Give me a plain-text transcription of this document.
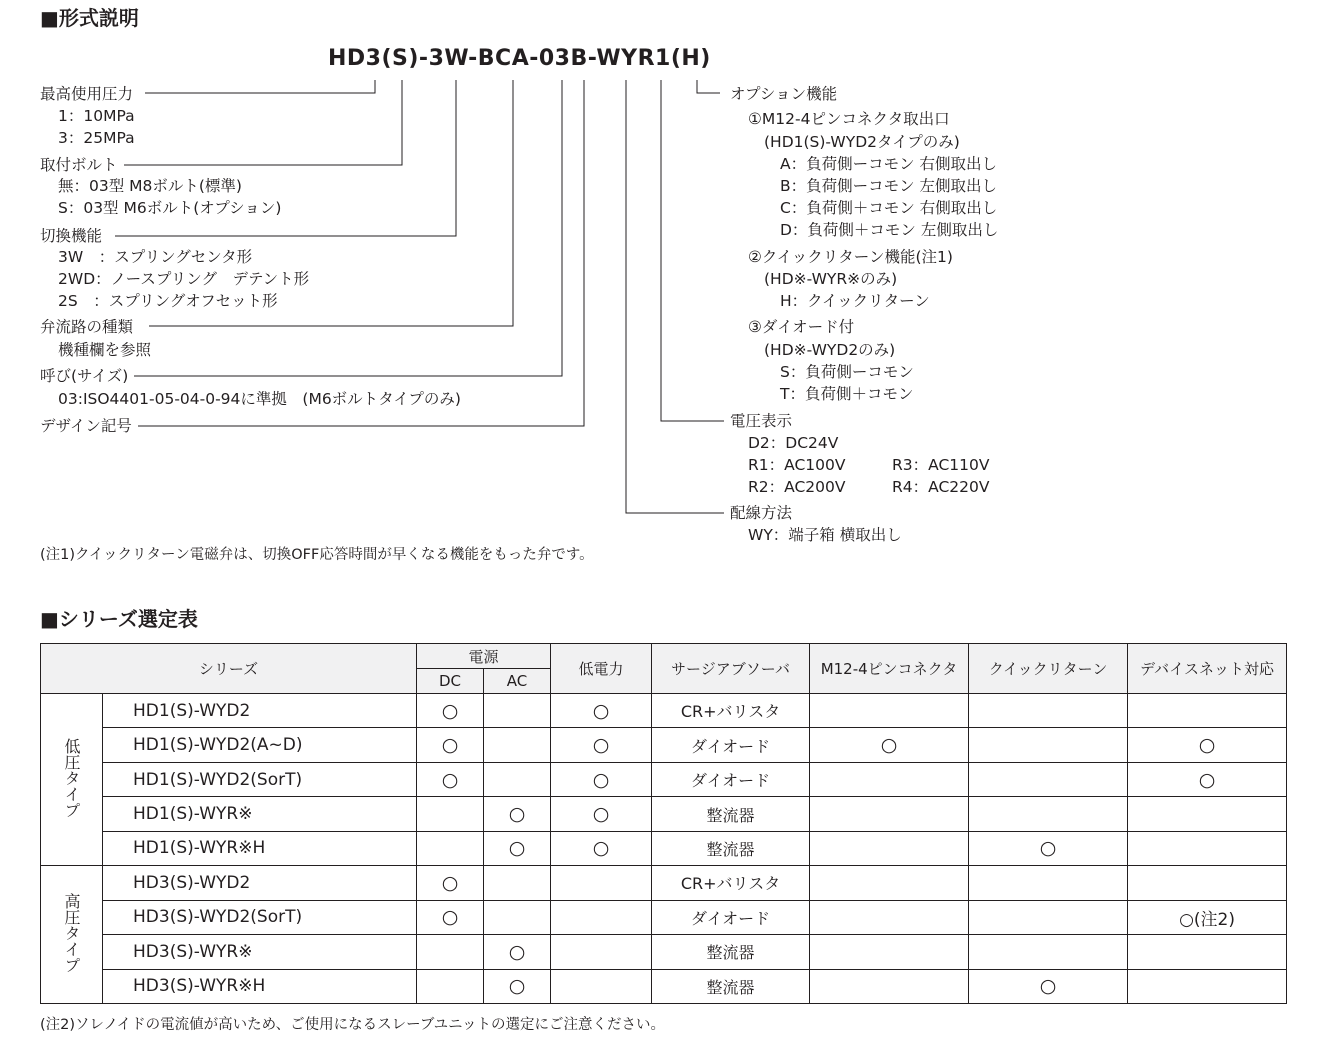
■形式説明
HD3(S)-3W-BCA-03B-WYR1(H)
最高使用圧力
1：10MPa
3：25MPa
取付ボルト
無：03型 M8ボルト(標準)
S：03型 M6ボルト(オプション)
切換機能
3W　：スプリングセンタ形
2WD：ノースプリング　デテント形
2S　：スプリングオフセット形
弁流路の種類
機種欄を参照
呼び(サイズ)
03:ISO4401-05-04-0-94に準拠　(M6ボルトタイプのみ)
デザイン記号
オプション機能
①M12-4ピンコネクタ取出口
(HD1(S)-WYD2タイプのみ)
A：負荷側ーコモン 右側取出し
B：負荷側ーコモン 左側取出し
C：負荷側＋コモン 右側取出し
D：負荷側＋コモン 左側取出し
②クイックリターン機能(注1)
(HD※-WYR※のみ)
H：クイックリターン
③ダイオード付
(HD※-WYD2のみ)
S：負荷側ーコモン
T：負荷側＋コモン
電圧表示
D2：DC24V
R1：AC100V	R3：AC110V
R2：AC200V	R4：AC220V
配線方法
WY：端子箱 横取出し
(注1)クイックリターン電磁弁は、切換OFF応答時間が早くなる機能をもった弁です。
■シリーズ選定表
シリーズ		電源		低電力	サージアブソーバ	M12-4ピンコネクタ	クイックリターン	デバイスネット対応
		DC	AC					
低圧タイプ	HD1(S)-WYD2	○		○	CR+バリスタ			
	HD1(S)-WYD2(A~D)	○		○	ダイオード	○		○
	HD1(S)-WYD2(SorT)	○		○	ダイオード			○
	HD1(S)-WYR※		○	○	整流器			
	HD1(S)-WYR※H		○	○	整流器		○	
高圧タイプ	HD3(S)-WYD2	○			CR+バリスタ			
	HD3(S)-WYD2(SorT)	○			ダイオード			○(注2)
	HD3(S)-WYR※		○		整流器			
	HD3(S)-WYR※H		○		整流器		○	
(注2)ソレノイドの電流値が高いため、ご使用になるスレーブユニットの選定にご注意ください。
